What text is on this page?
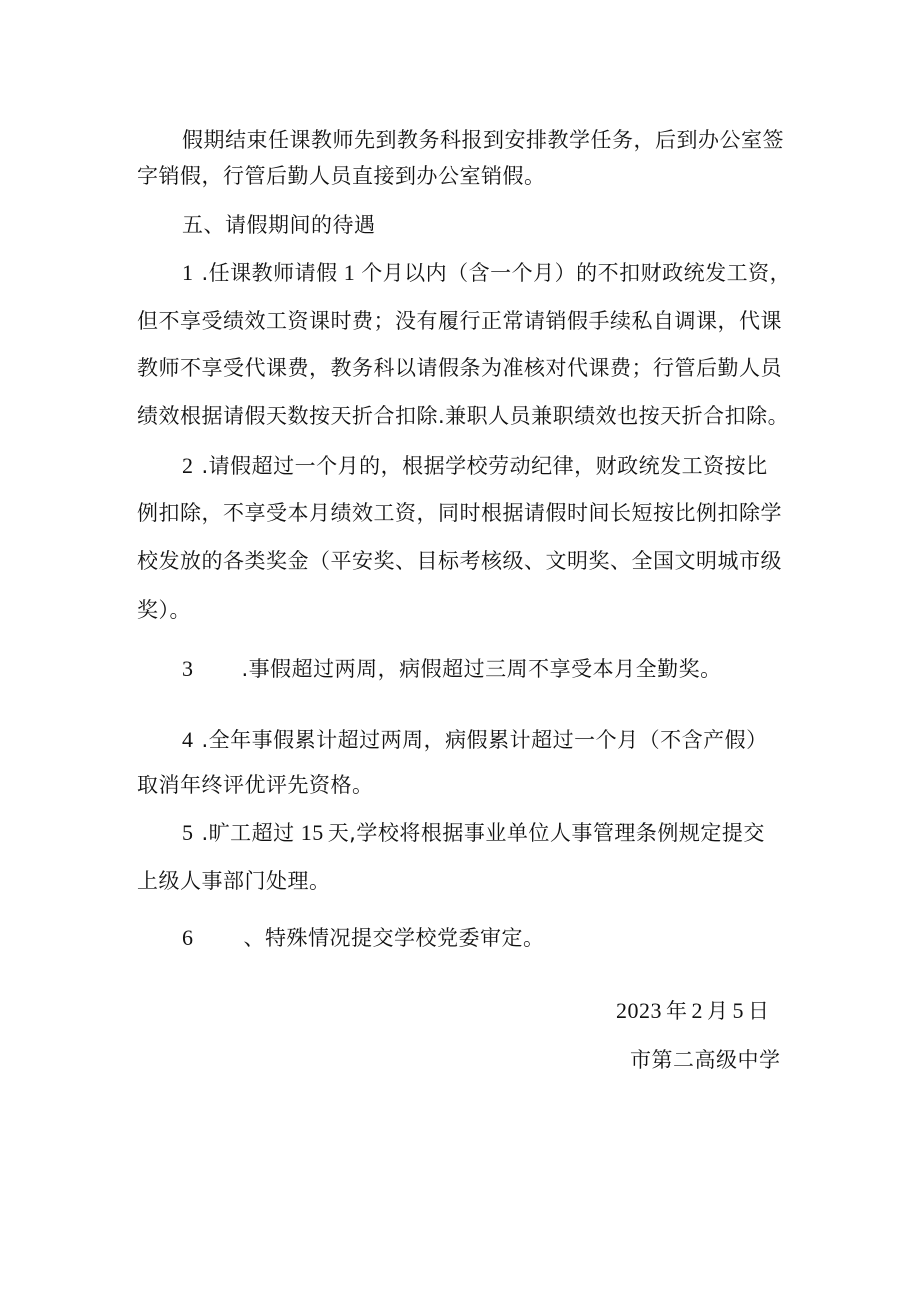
假期结束任课教师先到教务科报到安排教学任务，后到办公室签
字销假，行管后勤人员直接到办公室销假。
五、请假期间的待遇
1 .任课教师请假 1 个月以内（含一个月）的不扣财政统发工资，
但不享受绩效工资课时费；没有履行正常请销假手续私自调课，代课
教师不享受代课费，教务科以请假条为准核对代课费；行管后勤人员
绩效根据请假天数按天折合扣除.兼职人员兼职绩效也按天折合扣除。
2 .请假超过一个月的，根据学校劳动纪律，财政统发工资按比
例扣除，不享受本月绩效工资，同时根据请假时间长短按比例扣除学
校发放的各类奖金（平安奖、目标考核级、文明奖、全国文明城市级
奖）。
3 .事假超过两周，病假超过三周不享受本月全勤奖。
4 .全年事假累计超过两周，病假累计超过一个月（不含产假）
取消年终评优评先资格。
5 .旷工超过 15 天,学校将根据事业单位人事管理条例规定提交
上级人事部门处理。
6 、特殊情况提交学校党委审定。
2023 年 2 月 5 日
市第二高级中学
